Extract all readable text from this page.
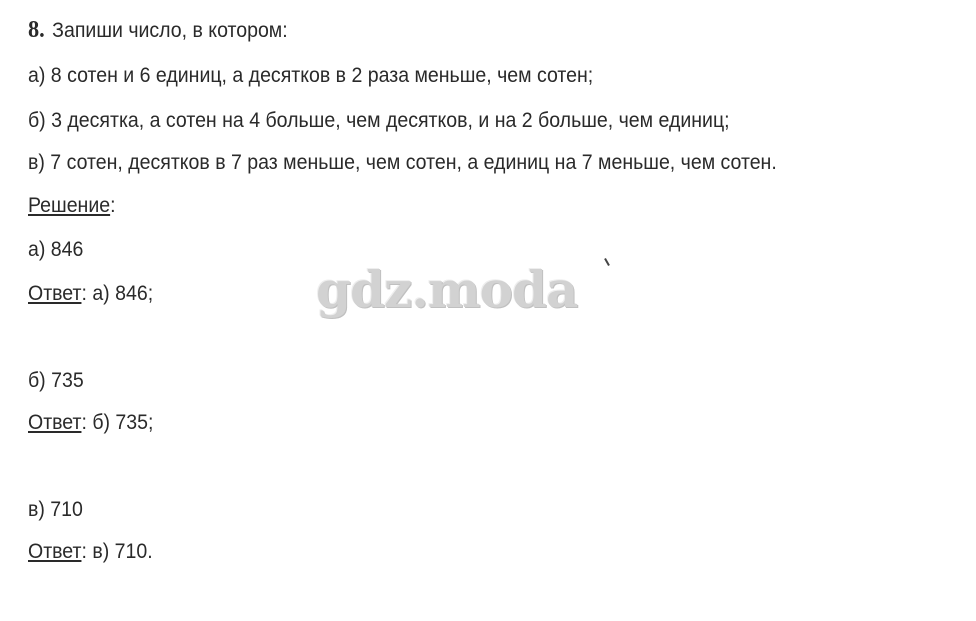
8. Запиши число, в котором:
а) 8 сотен и 6 единиц, а десятков в 2 раза меньше, чем сотен;
б) 3 десятка, а сотен на 4 больше, чем десятков, и на 2 больше, чем единиц;
в) 7 сотен, десятков в 7 раз меньше, чем сотен, а единиц на 7 меньше, чем сотен.
Решение:
а) 846
Ответ: а) 846;
б) 735
Ответ: б) 735;
в) 710
Ответ: в) 710.
gdz.moda
